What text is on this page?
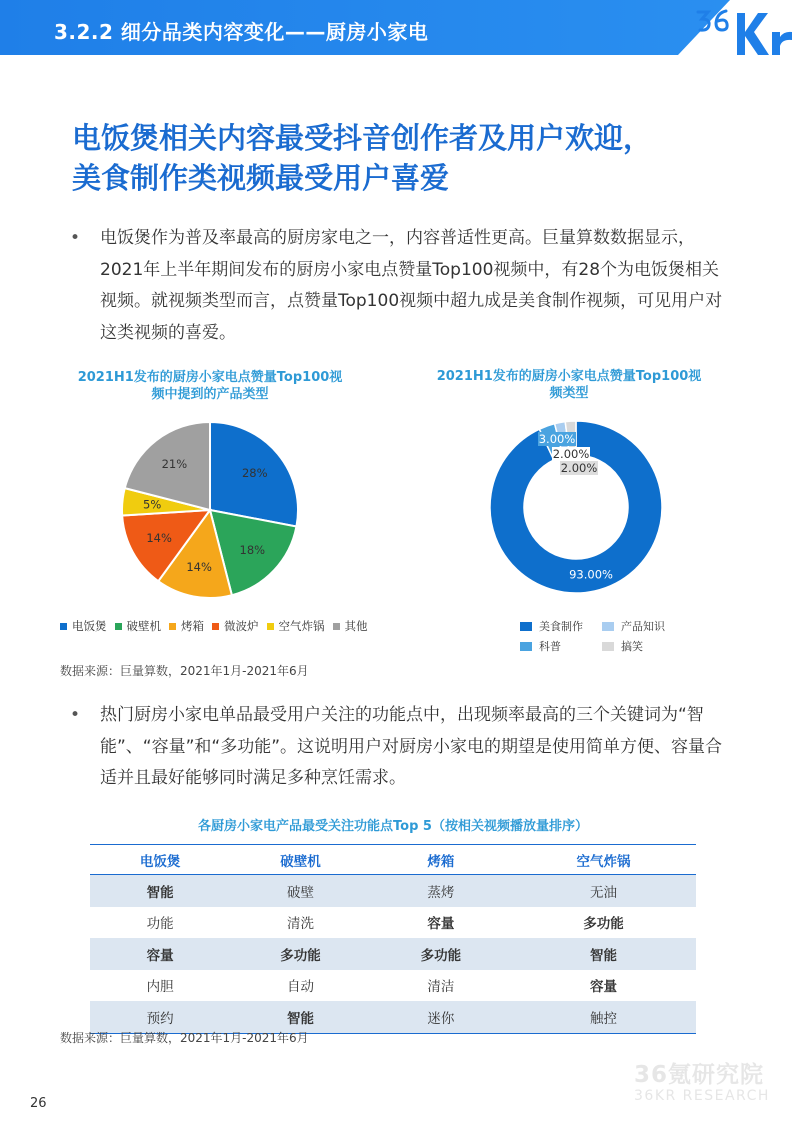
3.2.2 细分品类内容变化——厨房小家电
电饭煲相关内容最受抖音创作者及用户欢迎，
美食制作类视频最受用户喜爱
• 电饭煲作为普及率最高的厨房家电之一，内容普适性更高。巨量算数数据显示，2021年上半年期间发布的厨房小家电点赞量Top100视频中，有28个为电饭煲相关视频。就视频类型而言，点赞量Top100视频中超九成是美食制作视频，可见用户对这类视频的喜爱。
2021H1发布的厨房小家电点赞量Top100视
频中提到的产品类型
28%
18%
14%
14%
5%
21%
电饭煲 破壁机 烤箱 微波炉 空气炸锅 其他
2021H1发布的厨房小家电点赞量Top100视
频类型
93.00%
3.00%
2.00%
2.00%
美食制作	产品知识
科普	搞笑
数据来源：巨量算数，2021年1月-2021年6月
• 热门厨房小家电单品最受用户关注的功能点中，出现频率最高的三个关键词为“智能”、“容量”和“多功能”。这说明用户对厨房小家电的期望是使用简单方便、容量合适并且最好能够同时满足多种烹饪需求。
各厨房小家电产品最受关注功能点Top 5（按相关视频播放量排序）
电饭煲	破壁机	烤箱	空气炸锅
智能	破壁	蒸烤	无油
功能	清洗	容量	多功能
容量	多功能	多功能	智能
内胆	自动	清洁	容量
预约	智能	迷你	触控
数据来源：巨量算数，2021年1月-2021年6月
26
36氪研究院
36KR RESEARCH
